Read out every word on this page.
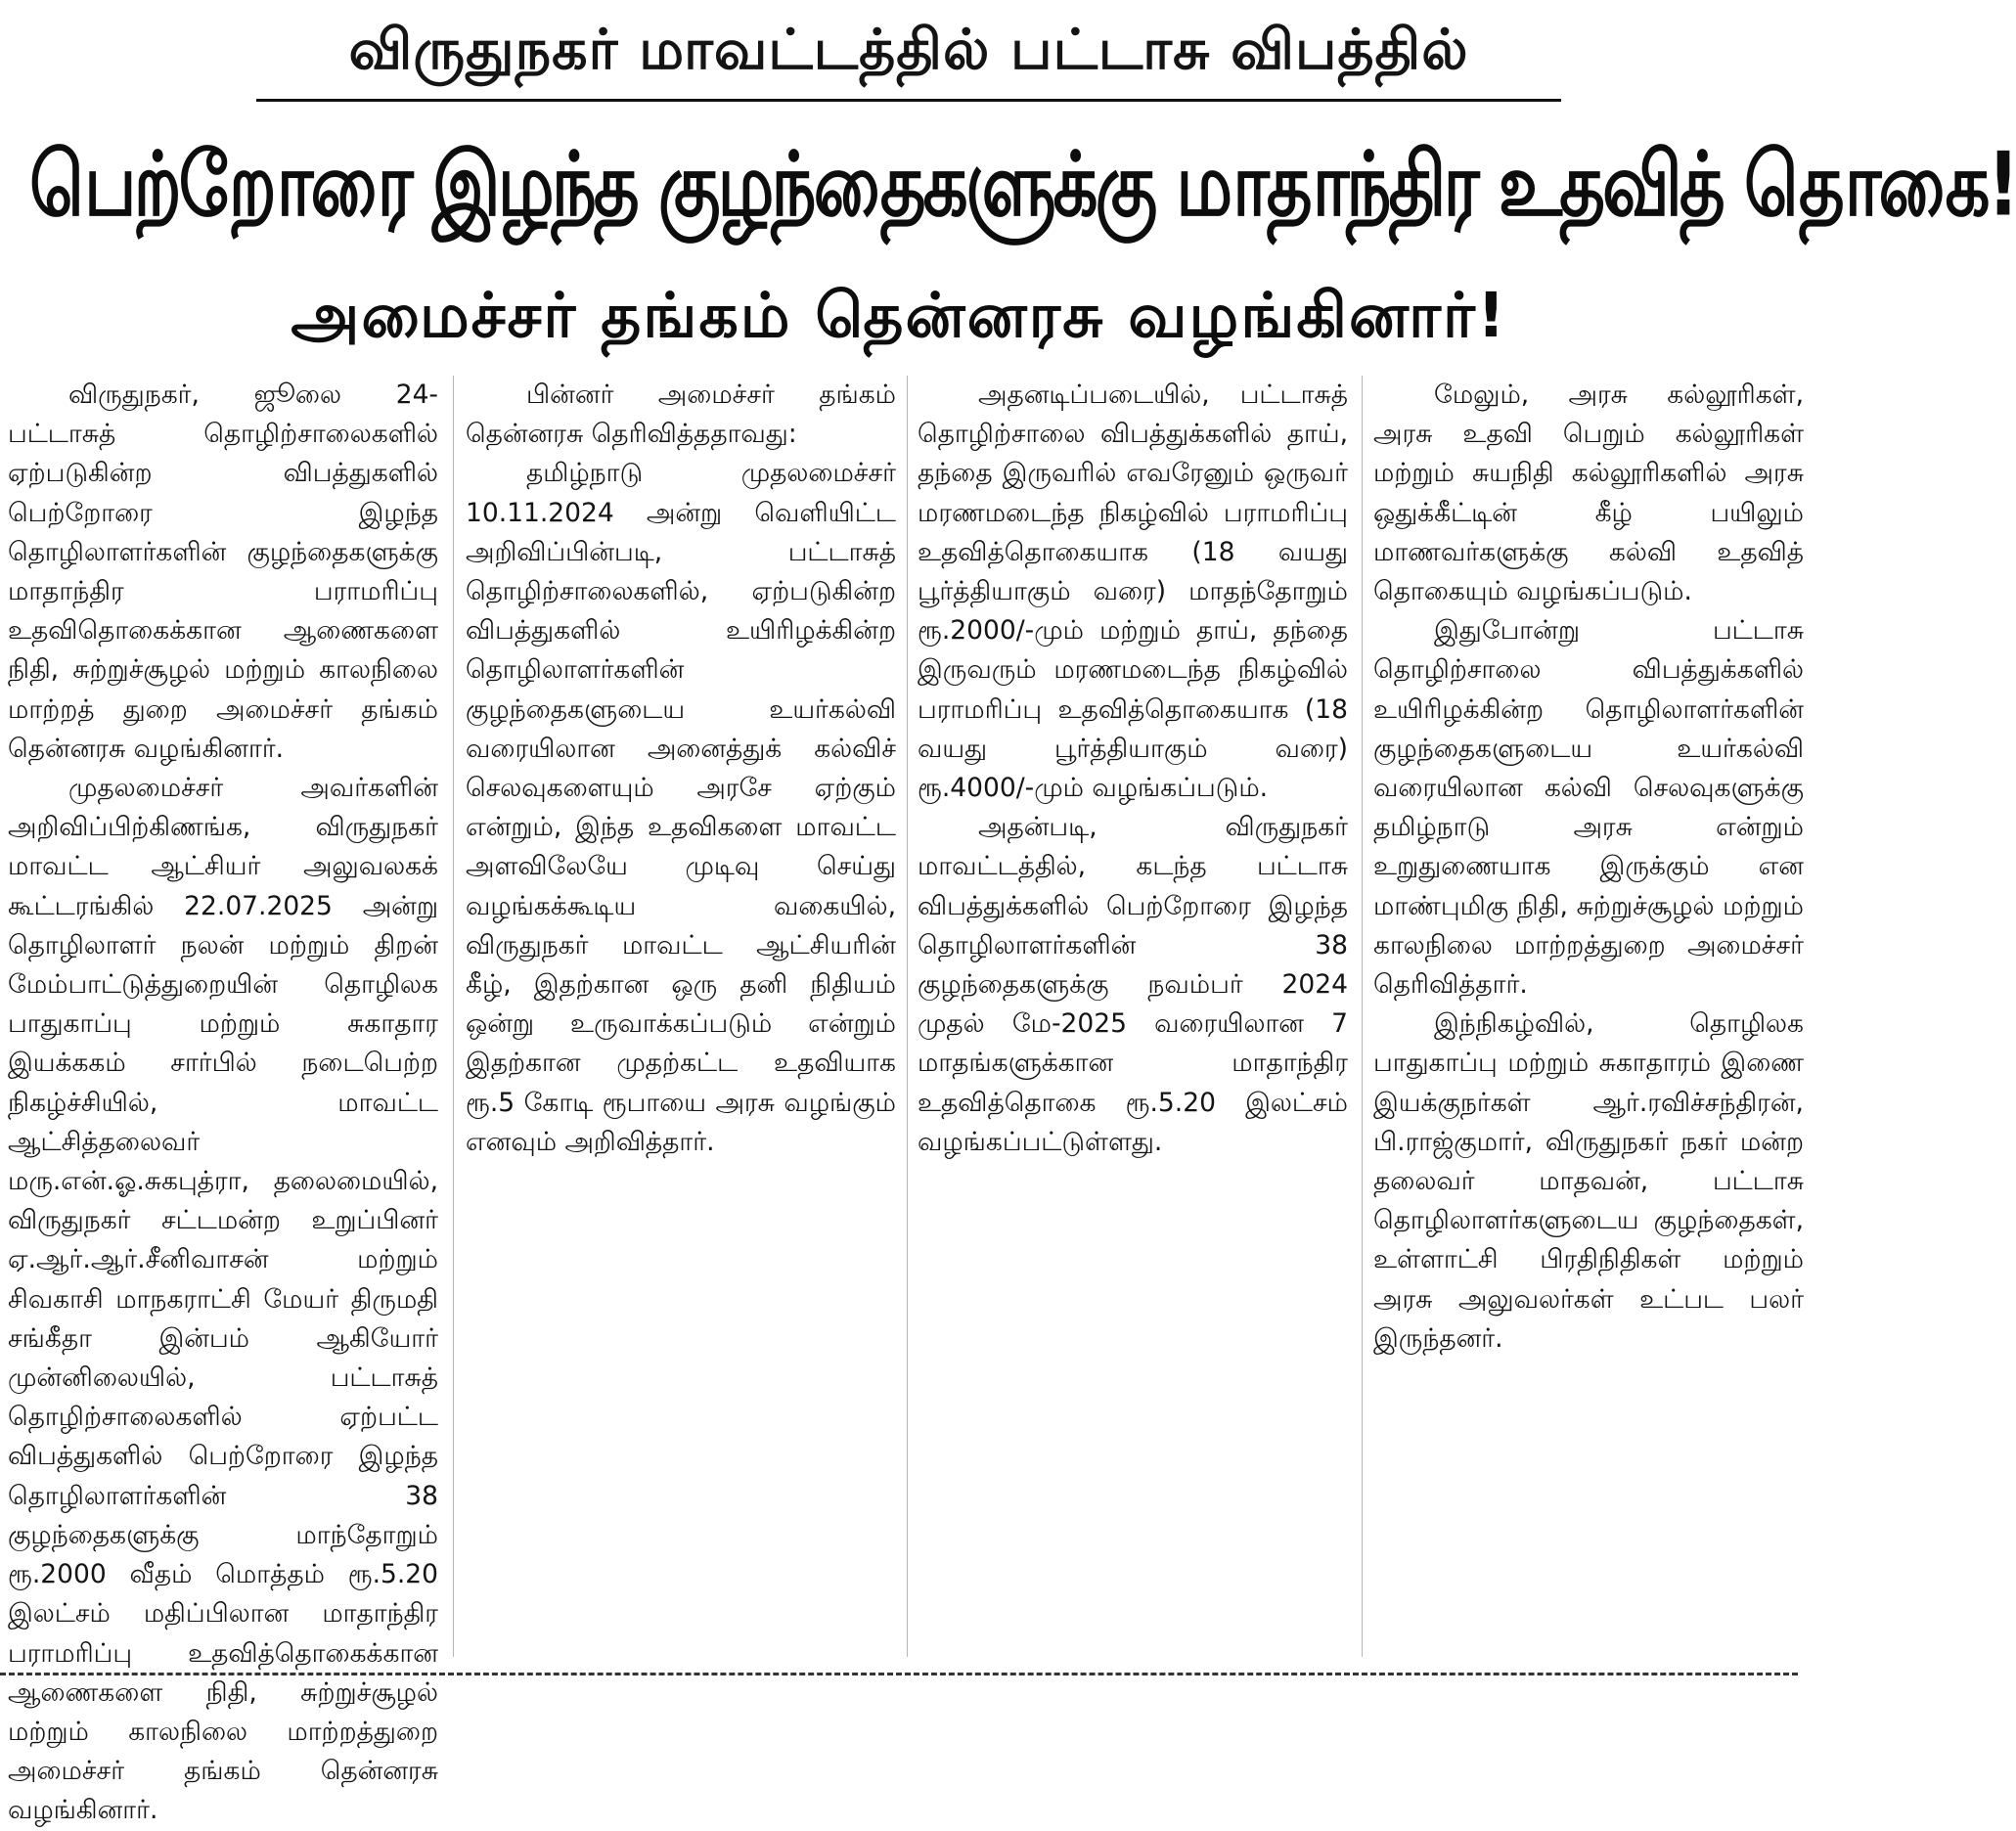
விருதுநகர் மாவட்டத்தில் பட்டாசு விபத்தில்
பெற்றோரை இழந்த குழந்தைகளுக்கு மாதாந்திர உதவித் தொகை!
அமைச்சர் தங்கம் தென்னரசு வழங்கினார்!

விருதுநகர், ஜூலை 24- பட்டாசுத் தொழிற்சாலைகளில் ஏற்படுகின்ற விபத்துகளில் பெற்றோரை இழந்த தொழிலாளர்களின் குழந்தைகளுக்கு மாதாந்திர பராமரிப்பு உதவிதொகைக்கான ஆணைகளை நிதி, சுற்றுச்சூழல் மற்றும் காலநிலை மாற்றத் துறை அமைச்சர் தங்கம் தென்னரசு வழங்கினார்.

முதலமைச்சர் அவர்களின் அறிவிப்பிற்கிணங்க, விருதுநகர் மாவட்ட ஆட்சியர் அலுவலகக் கூட்டரங்கில் 22.07.2025 அன்று தொழிலாளர் நலன் மற்றும் திறன் மேம்பாட்டுத்துறையின் தொழிலக பாதுகாப்பு மற்றும் சுகாதார இயக்ககம் சார்பில் நடைபெற்ற நிகழ்ச்சியில், மாவட்ட ஆட்சித்தலைவர் மரு.என்.ஓ.சுகபுத்ரா, தலைமையில், விருதுநகர் சட்டமன்ற உறுப்பினர் ஏ.ஆர்.ஆர்.சீனிவாசன் மற்றும் சிவகாசி மாநகராட்சி மேயர் திருமதி சங்கீதா இன்பம் ஆகியோர் முன்னிலையில், பட்டாசுத் தொழிற்சாலைகளில் ஏற்பட்ட விபத்துகளில் பெற்றோரை இழந்த தொழிலாளர்களின் 38 குழந்தைகளுக்கு மாந்தோறும் ரூ.2000 வீதம் மொத்தம் ரூ.5.20 இலட்சம் மதிப்பிலான மாதாந்திர பராமரிப்பு உதவித்தொகைக்கான ஆணைகளை நிதி, சுற்றுச்சூழல் மற்றும் காலநிலை மாற்றத்துறை அமைச்சர் தங்கம் தென்னரசு வழங்கினார்.

பின்னர் அமைச்சர் தங்கம் தென்னரசு தெரிவித்ததாவது:

தமிழ்நாடு முதலமைச்சர் 10.11.2024 அன்று வெளியிட்ட அறிவிப்பின்படி, பட்டாசுத் தொழிற்சாலைகளில், ஏற்படுகின்ற விபத்துகளில் உயிரிழக்கின்ற தொழிலாளர்களின் குழந்தைகளுடைய உயர்கல்வி வரையிலான அனைத்துக் கல்விச் செலவுகளையும் அரசே ஏற்கும் என்றும், இந்த உதவிகளை மாவட்ட அளவிலேயே முடிவு செய்து வழங்கக்கூடிய வகையில், விருதுநகர் மாவட்ட ஆட்சியரின் கீழ், இதற்கான ஒரு தனி நிதியம் ஒன்று உருவாக்கப்படும் என்றும் இதற்கான முதற்கட்ட உதவியாக ரூ.5 கோடி ரூபாயை அரசு வழங்கும் எனவும் அறிவித்தார்.

அதனடிப்படையில், பட்டாசுத் தொழிற்சாலை விபத்துக்களில் தாய், தந்தை இருவரில் எவரேனும் ஒருவர் மரணமடைந்த நிகழ்வில் பராமரிப்பு உதவித்தொகையாக (18 வயது பூர்த்தியாகும் வரை) மாதந்தோறும் ரூ.2000/-மும் மற்றும் தாய், தந்தை இருவரும் மரணமடைந்த நிகழ்வில் பராமரிப்பு உதவித்தொகையாக (18 வயது பூர்த்தியாகும் வரை) ரூ.4000/-மும் வழங்கப்படும்.

அதன்படி, விருதுநகர் மாவட்டத்தில், கடந்த பட்டாசு விபத்துக்களில் பெற்றோரை இழந்த தொழிலாளர்களின் 38 குழந்தைகளுக்கு நவம்பர் 2024 முதல் மே-2025 வரையிலான 7 மாதங்களுக்கான மாதாந்திர உதவித்தொகை ரூ.5.20 இலட்சம் வழங்கப்பட்டுள்ளது.

மேலும், அரசு கல்லூரிகள், அரசு உதவி பெறும் கல்லூரிகள் மற்றும் சுயநிதி கல்லூரிகளில் அரசு ஒதுக்கீட்டின் கீழ் பயிலும் மாணவர்களுக்கு கல்வி உதவித் தொகையும் வழங்கப்படும்.

இதுபோன்று பட்டாசு தொழிற்சாலை விபத்துக்களில் உயிரிழக்கின்ற தொழிலாளர்களின் குழந்தைகளுடைய உயர்கல்வி வரையிலான கல்வி செலவுகளுக்கு தமிழ்நாடு அரசு என்றும் உறுதுணையாக இருக்கும் என மாண்புமிகு நிதி, சுற்றுச்சூழல் மற்றும் காலநிலை மாற்றத்துறை அமைச்சர் தெரிவித்தார்.

இந்நிகழ்வில், தொழிலக பாதுகாப்பு மற்றும் சுகாதாரம் இணை இயக்குநர்கள் ஆர்.ரவிச்சந்திரன், பி.ராஜ்குமார், விருதுநகர் நகர் மன்ற தலைவர் மாதவன், பட்டாசு தொழிலாளர்களுடைய குழந்தைகள், உள்ளாட்சி பிரதிநிதிகள் மற்றும் அரசு அலுவலர்கள் உட்பட பலர் இருந்தனர்.
